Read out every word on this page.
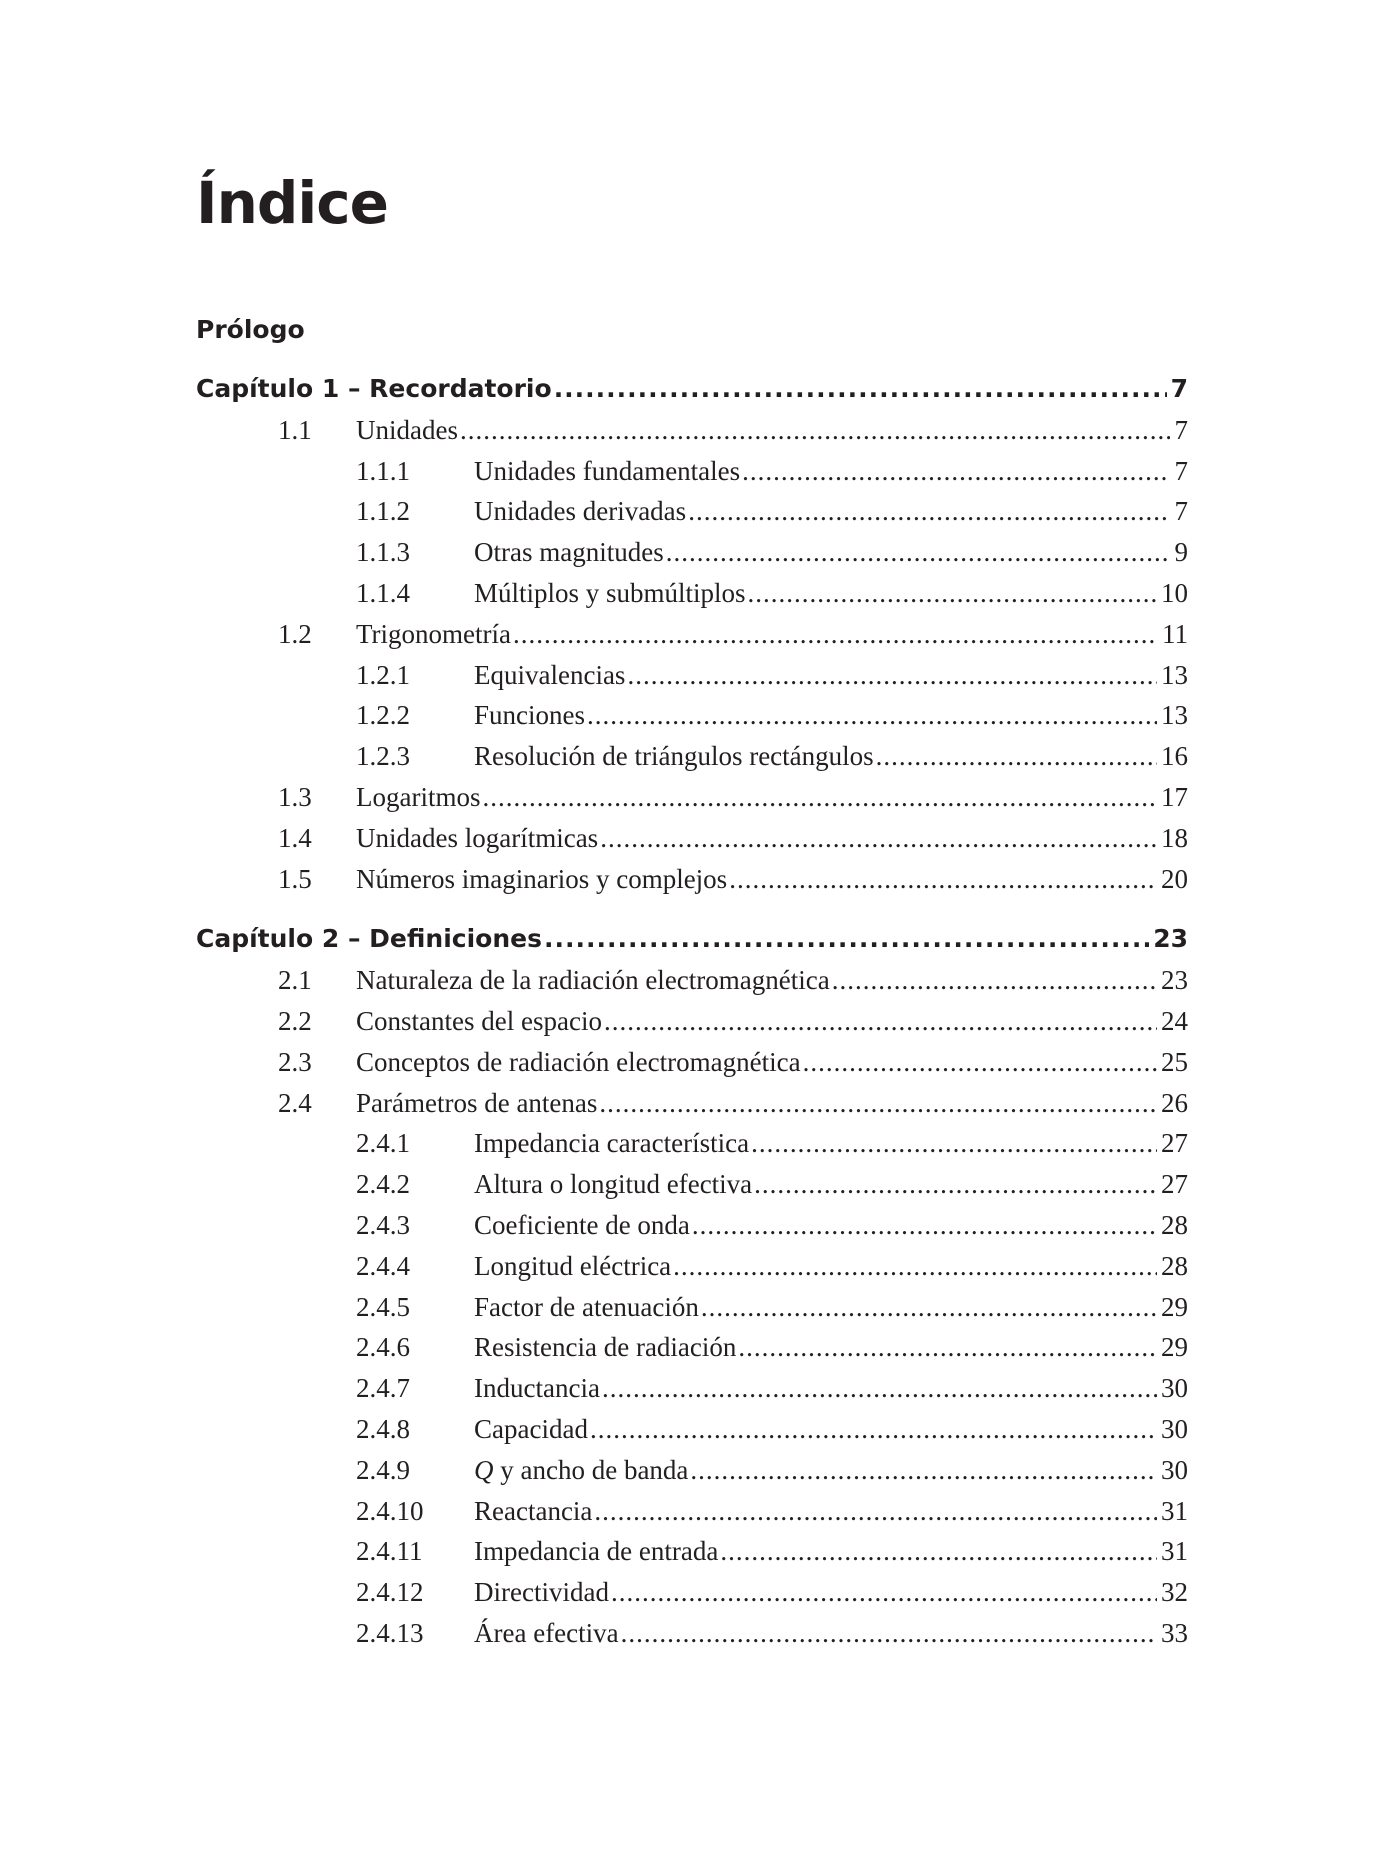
Índice
Prólogo
Capítulo 1 – Recordatorio .....	7
1.1 Unidades .....	7
1.1.1 Unidades fundamentales .....	7
1.1.2 Unidades derivadas .....	7
1.1.3 Otras magnitudes .....	9
1.1.4 Múltiplos y submúltiplos .....	10
1.2 Trigonometría .....	11
1.2.1 Equivalencias .....	13
1.2.2 Funciones .....	13
1.2.3 Resolución de triángulos rectángulos .....	16
1.3 Logaritmos .....	17
1.4 Unidades logarítmicas .....	18
1.5 Números imaginarios y complejos .....	20
Capítulo 2 – Definiciones .....	23
2.1 Naturaleza de la radiación electromagnética .....	23
2.2 Constantes del espacio .....	24
2.3 Conceptos de radiación electromagnética .....	25
2.4 Parámetros de antenas .....	26
2.4.1 Impedancia característica .....	27
2.4.2 Altura o longitud efectiva .....	27
2.4.3 Coeficiente de onda .....	28
2.4.4 Longitud eléctrica .....	28
2.4.5 Factor de atenuación .....	29
2.4.6 Resistencia de radiación .....	29
2.4.7 Inductancia .....	30
2.4.8 Capacidad .....	30
2.4.9 Q y ancho de banda .....	30
2.4.10 Reactancia .....	31
2.4.11 Impedancia de entrada .....	31
2.4.12 Directividad .....	32
2.4.13 Área efectiva .....	33
